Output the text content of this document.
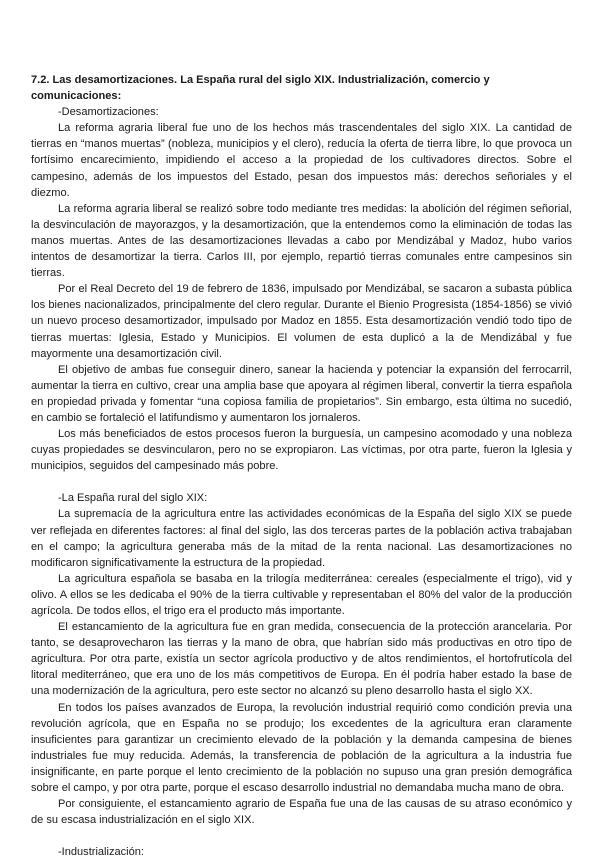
7.2. Las desamortizaciones. La España rural del siglo XIX. Industrialización, comercio y comunicaciones:

-Desamortizaciones:

La reforma agraria liberal fue uno de los hechos más trascendentales del siglo XIX. La cantidad de tierras en “manos muertas” (nobleza, municipios y el clero), reducía la oferta de tierra libre, lo que provoca un fortísimo encarecimiento, impidiendo el acceso a la propiedad de los cultivadores directos. Sobre el campesino, además de los impuestos del Estado, pesan dos impuestos más: derechos señoriales y el diezmo.

La reforma agraria liberal se realizó sobre todo mediante tres medidas: la abolición del régimen señorial, la desvinculación de mayorazgos, y la desamortización, que la entendemos como la eliminación de todas las manos muertas. Antes de las desamortizaciones llevadas a cabo por Mendizábal y Madoz, hubo varios intentos de desamortizar la tierra. Carlos III, por ejemplo, repartió tierras comunales entre campesinos sin tierras.

Por el Real Decreto del 19 de febrero de 1836, impulsado por Mendizábal, se sacaron a subasta pública los bienes nacionalizados, principalmente del clero regular. Durante el Bienio Progresista (1854-1856) se vivió un nuevo proceso desamortizador, impulsado por Madoz en 1855. Esta desamortización vendió todo tipo de tierras muertas: Iglesia, Estado y Municipios. El volumen de esta duplicó a la de Mendizábal y fue mayormente una desamortización civil.

El objetivo de ambas fue conseguir dinero, sanear la hacienda y potenciar la expansión del ferrocarril, aumentar la tierra en cultivo, crear una amplia base que apoyara al régimen liberal, convertir la tierra española en propiedad privada y fomentar “una copiosa familia de propietarios”. Sin embargo, esta última no sucedió, en cambio se fortaleció el latifundismo y aumentaron los jornaleros.

Los más beneficiados de estos procesos fueron la burguesía, un campesino acomodado y una nobleza cuyas propiedades se desvincularon, pero no se expropiaron. Las víctimas, por otra parte, fueron la Iglesia y municipios, seguidos del campesinado más pobre.

-La España rural del siglo XIX:

La supremacía de la agricultura entre las actividades económicas de la España del siglo XIX se puede ver reflejada en diferentes factores: al final del siglo, las dos terceras partes de la población activa trabajaban en el campo; la agricultura generaba más de la mitad de la renta nacional. Las desamortizaciones no modificaron significativamente la estructura de la propiedad.

La agricultura española se basaba en la trilogía mediterránea: cereales (especialmente el trigo), vid y olivo. A ellos se les dedicaba el 90% de la tierra cultivable y representaban el 80% del valor de la producción agrícola. De todos ellos, el trigo era el producto más importante.

El estancamiento de la agricultura fue en gran medida, consecuencia de la protección arancelaria. Por tanto, se desaprovecharon las tierras y la mano de obra, que habrían sido más productivas en otro tipo de agricultura. Por otra parte, existía un sector agrícola productivo y de altos rendimientos, el hortofrutícola del litoral mediterráneo, que era uno de los más competitivos de Europa. En él podría haber estado la base de una modernización de la agricultura, pero este sector no alcanzó su pleno desarrollo hasta el siglo XX.

En todos los países avanzados de Europa, la revolución industrial requirió como condición previa una revolución agrícola, que en España no se produjo; los excedentes de la agricultura eran claramente insuficientes para garantizar un crecimiento elevado de la población y la demanda campesina de bienes industriales fue muy reducida. Además, la transferencia de población de la agricultura a la industria fue insignificante, en parte porque el lento crecimiento de la población no supuso una gran presión demográfica sobre el campo, y por otra parte, porque el escaso desarrollo industrial no demandaba mucha mano de obra.

Por consiguiente, el estancamiento agrario de España fue una de las causas de su atraso económico y de su escasa industrialización en el siglo XIX.

-Industrialización:
